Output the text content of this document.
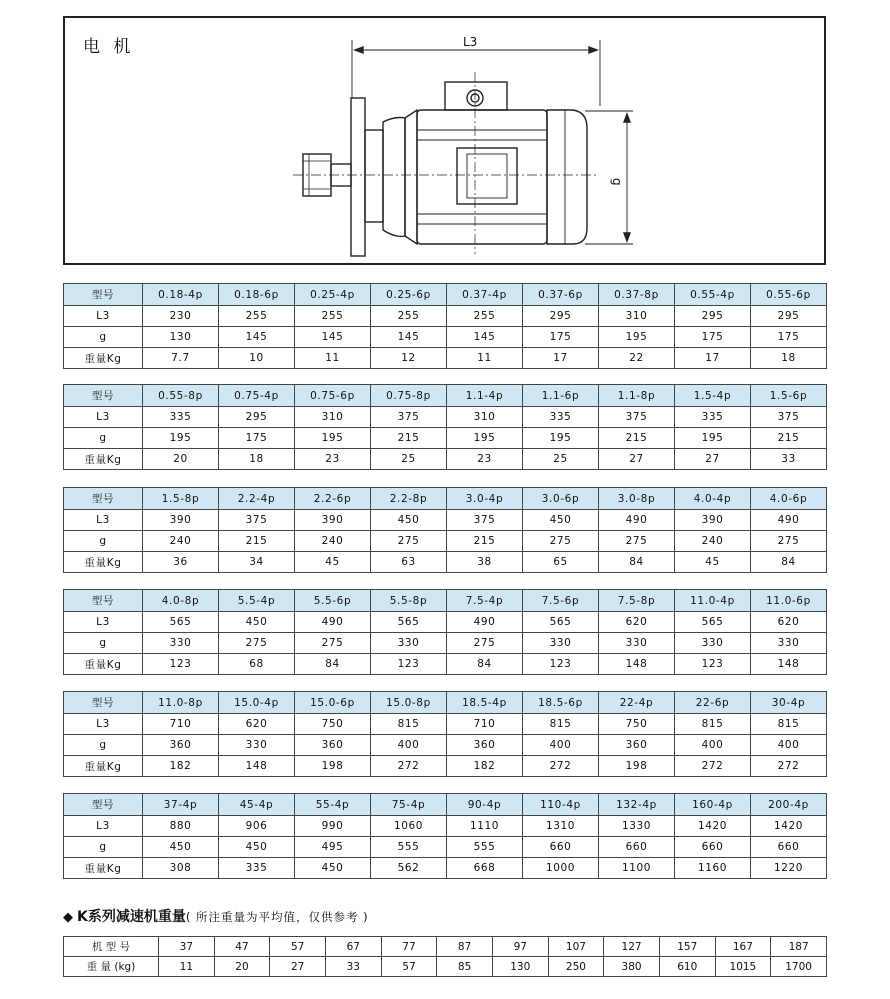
电 机	L3
g
型号	0.18-4p	0.18-6p	0.25-4p	0.25-6p	0.37-4p	0.37-6p	0.37-8p	0.55-4p	0.55-6p
L3	230	255	255	255	255	295	310	295	295
g	130	145	145	145	145	175	195	175	175
重量Kg	7.7	10	11	12	11	17	22	17	18
型号	0.55-8p	0.75-4p	0.75-6p	0.75-8p	1.1-4p	1.1-6p	1.1-8p	1.5-4p	1.5-6p
L3	335	295	310	375	310	335	375	335	375
g	195	175	195	215	195	195	215	195	215
重量Kg	20	18	23	25	23	25	27	27	33
型号	1.5-8p	2.2-4p	2.2-6p	2.2-8p	3.0-4p	3.0-6p	3.0-8p	4.0-4p	4.0-6p
L3	390	375	390	450	375	450	490	390	490
g	240	215	240	275	215	275	275	240	275
重量Kg	36	34	45	63	38	65	84	45	84
型号	4.0-8p	5.5-4p	5.5-6p	5.5-8p	7.5-4p	7.5-6p	7.5-8p	11.0-4p	11.0-6p
L3	565	450	490	565	490	565	620	565	620
g	330	275	275	330	275	330	330	330	330
重量Kg	123	68	84	123	84	123	148	123	148
型号	11.0-8p	15.0-4p	15.0-6p	15.0-8p	18.5-4p	18.5-6p	22-4p	22-6p	30-4p
L3	710	620	750	815	710	815	750	815	815
g	360	330	360	400	360	400	360	400	400
重量Kg	182	148	198	272	182	272	198	272	272
型号	37-4p	45-4p	55-4p	75-4p	90-4p	110-4p	132-4p	160-4p	200-4p
L3	880	906	990	1060	1110	1310	1330	1420	1420
g	450	450	495	555	555	660	660	660	660
重量Kg	308	335	450	562	668	1000	1100	1160	1220
◆ K系列减速机重量( 所注重量为平均值，仅供参考 )
机 型 号	37	47	57	67	77	87	97	107	127	157	167	187
重 量 (kg)	11	20	27	33	57	85	130	250	380	610	1015	1700
